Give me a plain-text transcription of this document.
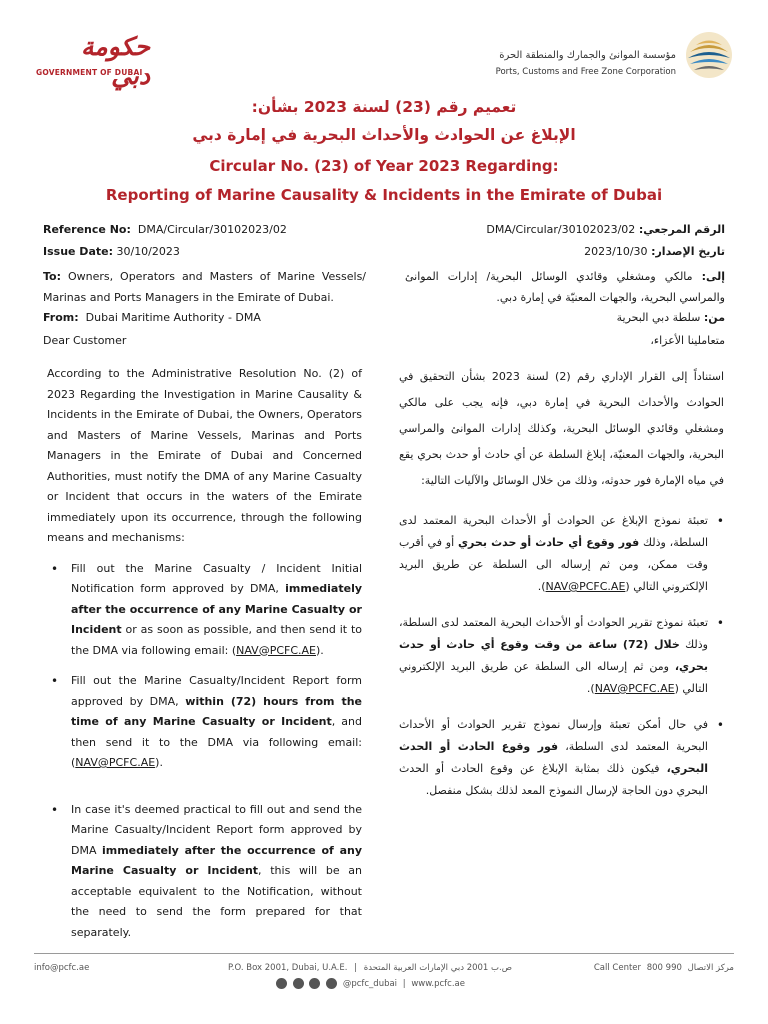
حكومة دبي
GOVERNMENT OF DUBAI
مؤسسة الموانئ والجمارك والمنطقة الحرة
Ports, Customs and Free Zone Corporation
تعميم رقم (23) لسنة 2023 بشأن:
الإبلاغ عن الحوادث والأحداث البحرية في إمارة دبي
Circular No. (23) of Year 2023 Regarding:
Reporting of Marine Causality & Incidents in the Emirate of Dubai
Reference No: DMA/Circular/30102023/02
Issue Date: 30/10/2023
To: Owners, Operators and Masters of Marine Vessels/ Marinas and Ports Managers in the Emirate of Dubai.
From: Dubai Maritime Authority - DMA
Dear Customer
الرقم المرجعي: DMA/Circular/30102023/02
تاريخ الإصدار: 2023/10/30
إلى: مالكي ومشغلي وقائدي الوسائل البحرية/ إدارات الموانئ والمراسي البحرية، والجهات المعنيّة في إمارة دبي.
من: سلطة دبي البحرية
متعاملينا الأعزاء،
According to the Administrative Resolution No. (2) of 2023 Regarding the Investigation in Marine Causality & Incidents in the Emirate of Dubai, the Owners, Operators and Masters of Marine Vessels, Marinas and Ports Managers in the Emirate of Dubai and Concerned Authorities, must notify the DMA of any Marine Casualty or Incident that occurs in the waters of the Emirate immediately upon its occurrence, through the following means and mechanisms:
• Fill out the Marine Casualty / Incident Initial Notification form approved by DMA, immediately after the occurrence of any Marine Casualty or Incident or as soon as possible, and then send it to the DMA via following email: (NAV@PCFC.AE).
• Fill out the Marine Casualty/Incident Report form approved by DMA, within (72) hours from the time of any Marine Casualty or Incident, and then send it to the DMA via following email: (NAV@PCFC.AE).
• In case it's deemed practical to fill out and send the Marine Casualty/Incident Report form approved by DMA immediately after the occurrence of any Marine Casualty or Incident, this will be an acceptable equivalent to the Notification, without the need to send the form prepared for that separately.
استناداً إلى القرار الإداري رقم (2) لسنة 2023 بشأن التحقيق في الحوادث والأحداث البحرية في إمارة دبي، فإنه يجب على مالكي ومشغلي وقائدي الوسائل البحرية، وكذلك إدارات الموانئ والمراسي البحرية، والجهات المعنيّة، إبلاغ السلطة عن أي حادث أو حدث بحري يقع في مياه الإمارة فور حدوثه، وذلك من خلال الوسائل والآليات التالية:
• تعبئة نموذج الإبلاغ عن الحوادث أو الأحداث البحرية المعتمد لدى السلطة، وذلك فور وقوع أي حادث أو حدث بحري أو في أقرب وقت ممكن، ومن ثم إرساله الى السلطة عن طريق البريد الإلكتروني التالي (NAV@PCFC.AE).
• تعبئة نموذج تقرير الحوادث أو الأحداث البحرية المعتمد لدى السلطة، وذلك خلال (72) ساعة من وقت وقوع أي حادث أو حدث بحري، ومن ثم إرساله الى السلطة عن طريق البريد الإلكتروني التالي (NAV@PCFC.AE).
• في حال أمكن تعبئة وإرسال نموذج تقرير الحوادث أو الأحداث البحرية المعتمد لدى السلطة، فور وقوع الحادث أو الحدث البحري، فيكون ذلك بمثابة الإبلاغ عن وقوع الحادث أو الحدث البحري دون الحاجة لإرسال النموذج المعد لذلك بشكل منفصل.
info@pcfc.ae	P.O. Box 2001, Dubai, U.A.E. | ص.ب 2001 دبي الإمارات العربية المتحدة	Call Center 800 990 مركز الاتصال
@pcfc_dubai | www.pcfc.ae
